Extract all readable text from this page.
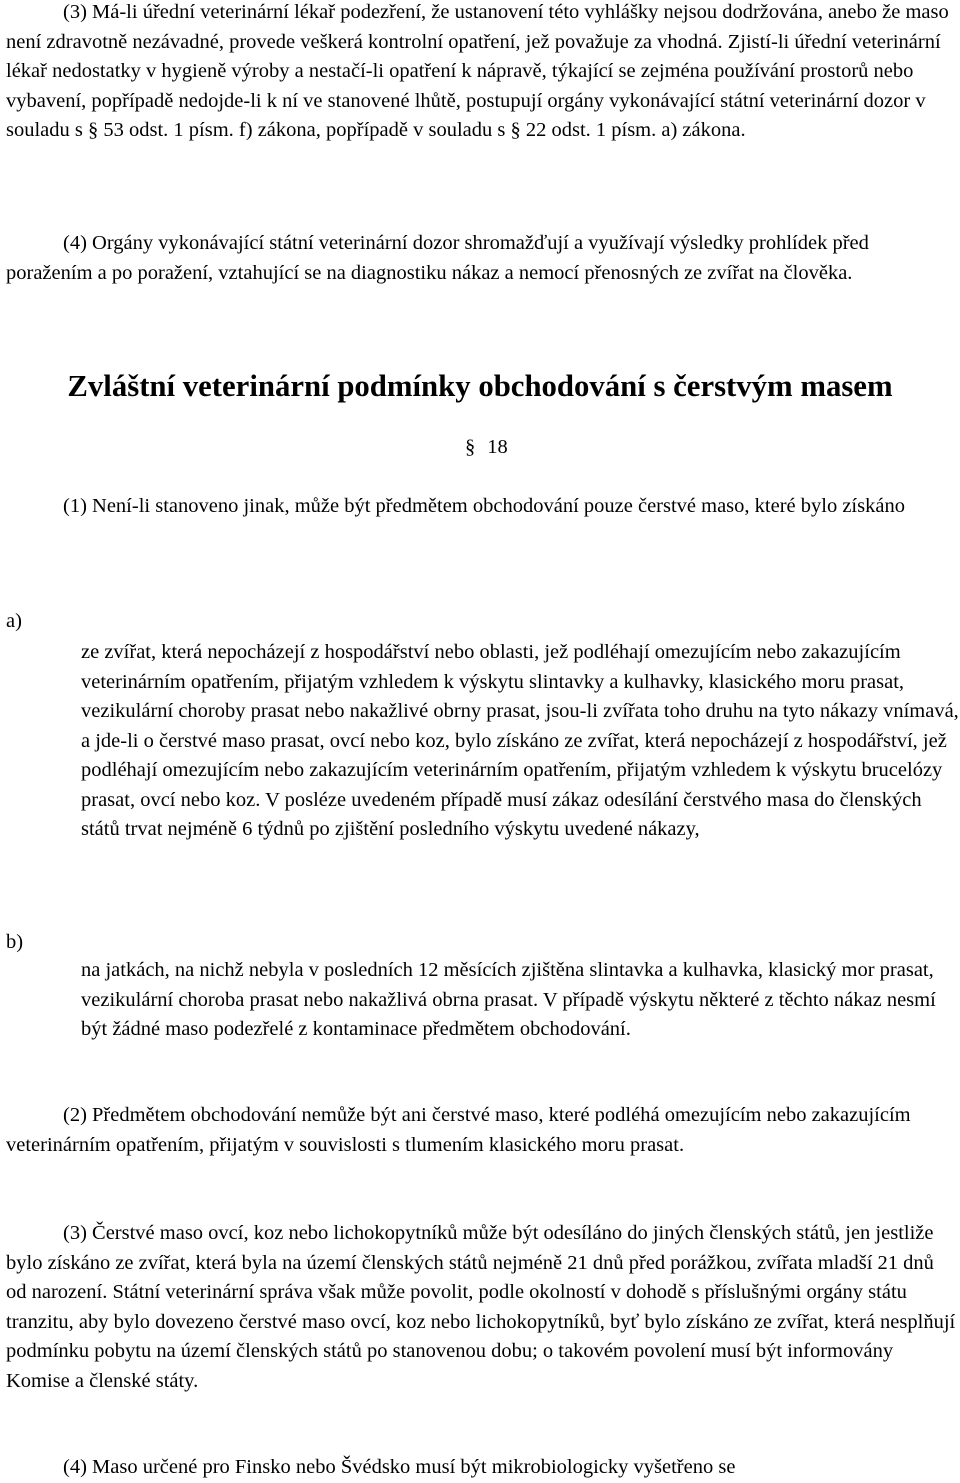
(3) Má-li úřední veterinární lékař podezření, že ustanovení této vyhlášky nejsou dodržována, anebo že maso není zdravotně nezávadné, provede veškerá kontrolní opatření, jež považuje za vhodná. Zjistí-li úřední veterinární lékař nedostatky v hygieně výroby a nestačí-li opatření k nápravě, týkající se zejména používání prostorů nebo vybavení, popřípadě nedojde-li k ní ve stanovené lhůtě, postupují orgány vykonávající státní veterinární dozor v souladu s § 53 odst. 1 písm. f) zákona, popřípadě v souladu s § 22 odst. 1 písm. a) zákona.

(4) Orgány vykonávající státní veterinární dozor shromažďují a využívají výsledky prohlídek před poražením a po poražení, vztahující se na diagnostiku nákaz a nemocí přenosných ze zvířat na člověka.

Zvláštní veterinární podmínky obchodování s čerstvým masem
§ 18

(1) Není-li stanoveno jinak, může být předmětem obchodování pouze čerstvé maso, které bylo získáno

a)

ze zvířat, která nepocházejí z hospodářství nebo oblasti, jež podléhají omezujícím nebo zakazujícím veterinárním opatřením, přijatým vzhledem k výskytu slintavky a kulhavky, klasického moru prasat, vezikulární choroby prasat nebo nakažlivé obrny prasat, jsou-li zvířata toho druhu na tyto nákazy vnímavá, a jde-li o čerstvé maso prasat, ovcí nebo koz, bylo získáno ze zvířat, která nepocházejí z hospodářství, jež podléhají omezujícím nebo zakazujícím veterinárním opatřením, přijatým vzhledem k výskytu brucelózy prasat, ovcí nebo koz. V posléze uvedeném případě musí zákaz odesílání čerstvého masa do členských států trvat nejméně 6 týdnů po zjištění posledního výskytu uvedené nákazy,

b)

na jatkách, na nichž nebyla v posledních 12 měsících zjištěna slintavka a kulhavka, klasický mor prasat, vezikulární choroba prasat nebo nakažlivá obrna prasat. V případě výskytu některé z těchto nákaz nesmí být žádné maso podezřelé z kontaminace předmětem obchodování.

(2) Předmětem obchodování nemůže být ani čerstvé maso, které podléhá omezujícím nebo zakazujícím veterinárním opatřením, přijatým v souvislosti s tlumením klasického moru prasat.

(3) Čerstvé maso ovcí, koz nebo lichokopytníků může být odesíláno do jiných členských států, jen jestliže bylo získáno ze zvířat, která byla na území členských států nejméně 21 dnů před porážkou, zvířata mladší 21 dnů od narození. Státní veterinární správa však může povolit, podle okolností v dohodě s příslušnými orgány státu tranzitu, aby bylo dovezeno čerstvé maso ovcí, koz nebo lichokopytníků, byť bylo získáno ze zvířat, která nesplňují podmínku pobytu na území členských států po stanovenou dobu; o takovém povolení musí být informovány Komise a členské státy.

(4) Maso určené pro Finsko nebo Švédsko musí být mikrobiologicky vyšetřeno se
